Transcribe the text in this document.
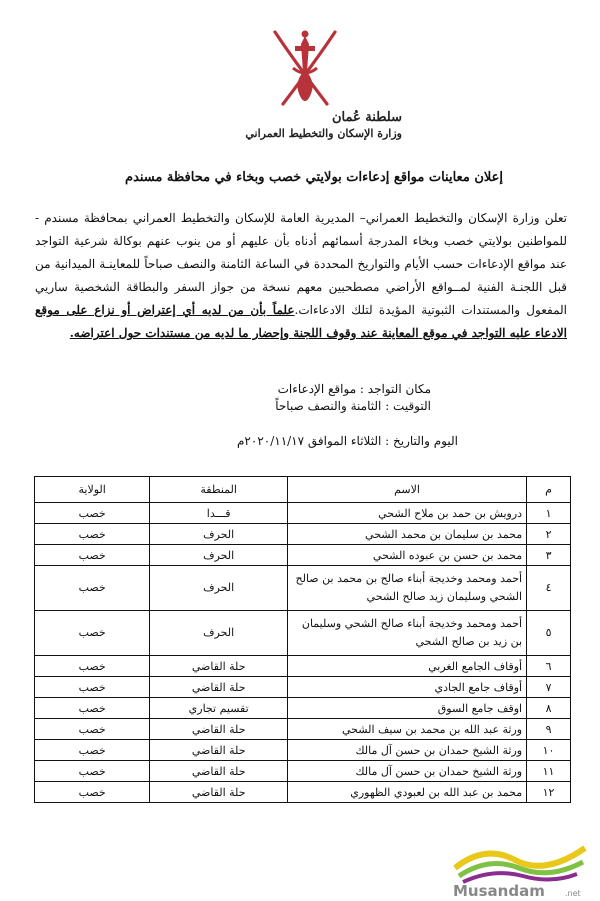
سلطنة عُمان
وزارة الإسكان والتخطيط العمراني
إعلان معاينات مواقع إدعاءات بولايتي خصب وبخاء في محافظة مسندم
تعلن وزارة الإسكان والتخطيط العمراني– المديرية العامة للإسكان والتخطيط العمراني بمحافظة مسندم - للمواطنين بولايتي خصب وبخاء المدرجة أسمائهم أدناه بأن عليهم أو من ينوب عنهم بوكالة شرعية التواجد عند مواقع الإدعاءات حسب الأيام والتواريخ المحددة في الساعة الثامنة والنصف صباحاً للمعاينـة الميدانية من قبل اللجنـة الفنية لمــواقع الأراضي مصطحبين معهم نسخة من جواز السفر والبطاقة الشخصية ساريي المفعول والمستندات الثبوتية المؤيدة لتلك الادعاءات.علماً بأن من لديه أي إعتراض أو نزاع على موقع الادعاء عليه التواجد في موقع المعاينة عند وقوف اللجنة وإحضار ما لديه من مستندات حول اعتراضه.
مكان التواجد : مواقع الإدعاءات
التوقيت : الثامنة والنصف صباحاً
اليوم والتاريخ : الثلاثاء الموافق ٢٠٢٠/١١/١٧م
م	الاسم	المنطقة	الولاية
١	درويش بن حمد بن ملاح الشحي	قـــدا	خصب
٢	محمد بن سليمان بن محمد الشحي	الحرف	خصب
٣	محمد بن حسن بن عبوده الشحي	الحرف	خصب
٤	أحمد ومحمد وخديجة أبناء صالح بن محمد بن صالح الشحي وسليمان زيد صالح الشحي	الحرف	خصب
٥	أحمد ومحمد وخديجة أبناء صالح الشحي وسليمان بن زيد بن صالح الشحي	الحرف	خصب
٦	أوقاف الجامع الغربي	حلة القاضي	خصب
٧	أوقاف جامع الجادي	حلة القاضي	خصب
٨	اوقف جامع السوق	تقسيم تجاري	خصب
٩	ورثة عبد الله بن محمد بن سيف الشحي	حلة القاضي	خصب
١٠	ورثة الشيخ حمدان بن حسن آل مالك	حلة القاضي	خصب
١١	ورثة الشيخ حمدان بن حسن آل مالك	حلة القاضي	خصب
١٢	محمد بن عبد الله بن لعبودي الظهوري	حلة القاضي	خصب
Musandam	.net
